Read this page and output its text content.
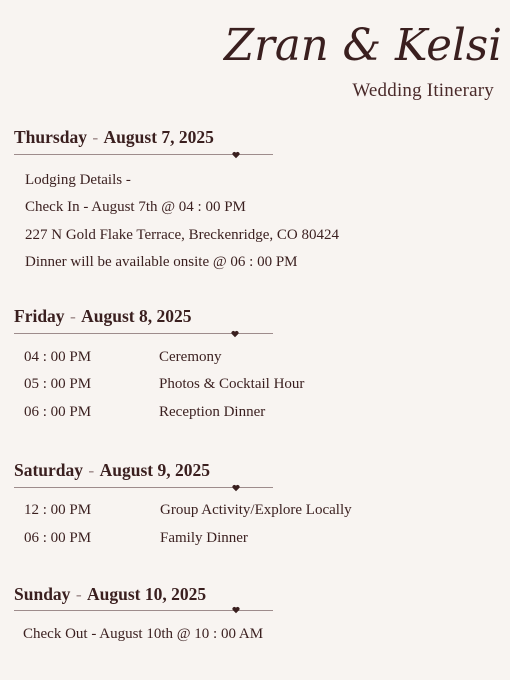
Zran & Kelsi
Wedding Itinerary
Thursday - August 7, 2025
Lodging Details -
Check In - August 7th @ 04 : 00 PM
227 N Gold Flake Terrace, Breckenridge, CO 80424
Dinner will be available onsite @ 06 : 00 PM
Friday - August 8, 2025
04 : 00 PM	Ceremony
05 : 00 PM	Photos & Cocktail Hour
06 : 00 PM	Reception Dinner
Saturday - August 9, 2025
12 : 00 PM	Group Activity/Explore Locally
06 : 00 PM	Family Dinner
Sunday - August 10, 2025
Check Out - August 10th @ 10 : 00 AM
